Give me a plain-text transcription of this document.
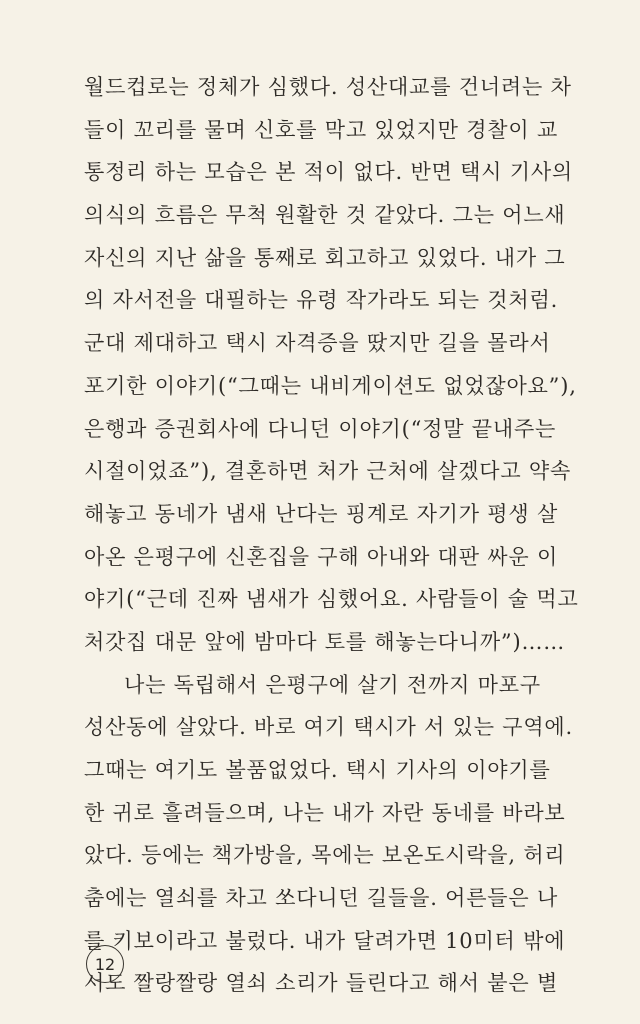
월드컵로는 정체가 심했다. 성산대교를 건너려는 차
들이 꼬리를 물며 신호를 막고 있었지만 경찰이 교
통정리 하는 모습은 본 적이 없다. 반면 택시 기사의
의식의 흐름은 무척 원활한 것 같았다. 그는 어느새
자신의 지난 삶을 통째로 회고하고 있었다. 내가 그
의 자서전을 대필하는 유령 작가라도 되는 것처럼.
군대 제대하고 택시 자격증을 땄지만 길을 몰라서
포기한 이야기(“그때는 내비게이션도 없었잖아요”),
은행과 증권회사에 다니던 이야기(“정말 끝내주는
시절이었죠”), 결혼하면 처가 근처에 살겠다고 약속
해놓고 동네가 냄새 난다는 핑계로 자기가 평생 살
아온 은평구에 신혼집을 구해 아내와 대판 싸운 이
야기(“근데 진짜 냄새가 심했어요. 사람들이 술 먹고
처갓집 대문 앞에 밤마다 토를 해놓는다니까”)……
나는 독립해서 은평구에 살기 전까지 마포구
성산동에 살았다. 바로 여기 택시가 서 있는 구역에.
그때는 여기도 볼품없었다. 택시 기사의 이야기를
한 귀로 흘려들으며, 나는 내가 자란 동네를 바라보
았다. 등에는 책가방을, 목에는 보온도시락을, 허리
춤에는 열쇠를 차고 쏘다니던 길들을. 어른들은 나
를 키보이라고 불렀다. 내가 달려가면 10미터 밖에
서도 짤랑짤랑 열쇠 소리가 들린다고 해서 붙은 별
12
